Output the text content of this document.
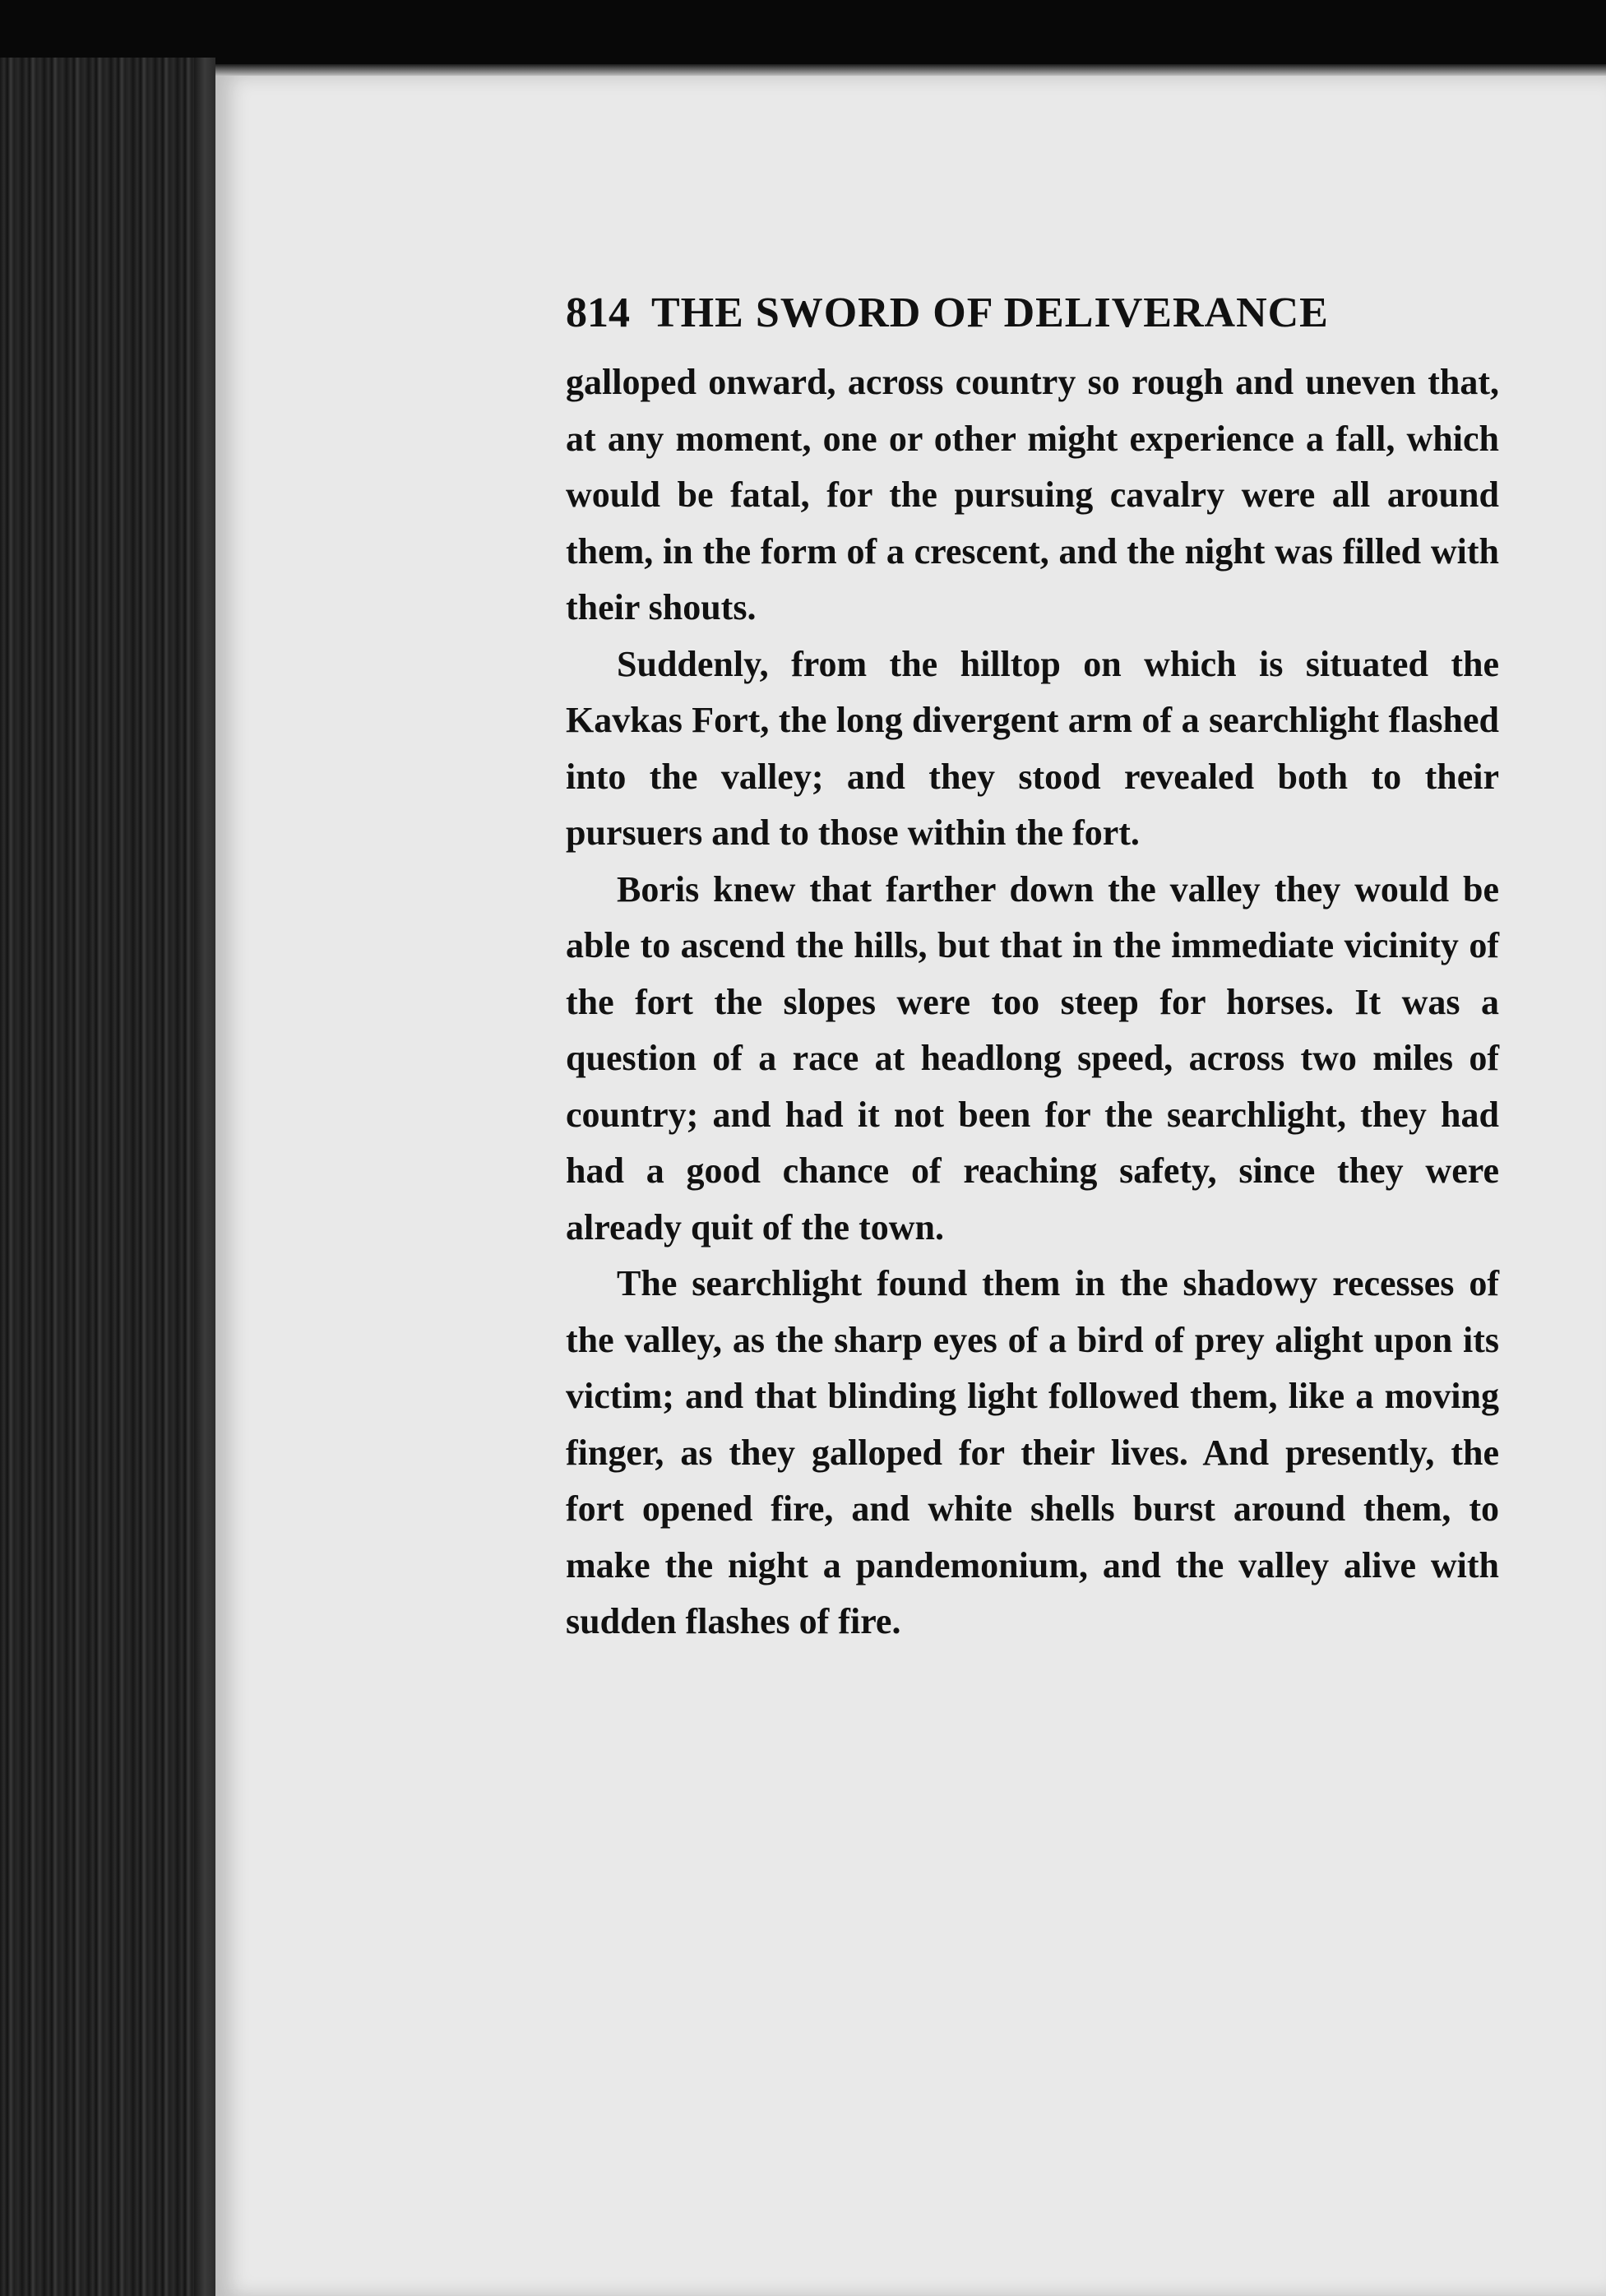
814 THE SWORD OF DELIVERANCE

galloped onward, across country so rough and uneven that, at any moment, one or other might experience a fall, which would be fatal, for the pursuing cavalry were all around them, in the form of a crescent, and the night was filled with their shouts.

Suddenly, from the hilltop on which is situated the Kavkas Fort, the long divergent arm of a searchlight flashed into the valley; and they stood revealed both to their pursuers and to those within the fort.

Boris knew that farther down the valley they would be able to ascend the hills, but that in the immediate vicinity of the fort the slopes were too steep for horses. It was a question of a race at headlong speed, across two miles of country; and had it not been for the searchlight, they had had a good chance of reaching safety, since they were already quit of the town.

The searchlight found them in the shadowy recesses of the valley, as the sharp eyes of a bird of prey alight upon its victim; and that blinding light followed them, like a moving finger, as they galloped for their lives. And presently, the fort opened fire, and white shells burst around them, to make the night a pandemonium, and the valley alive with sudden flashes of fire.
